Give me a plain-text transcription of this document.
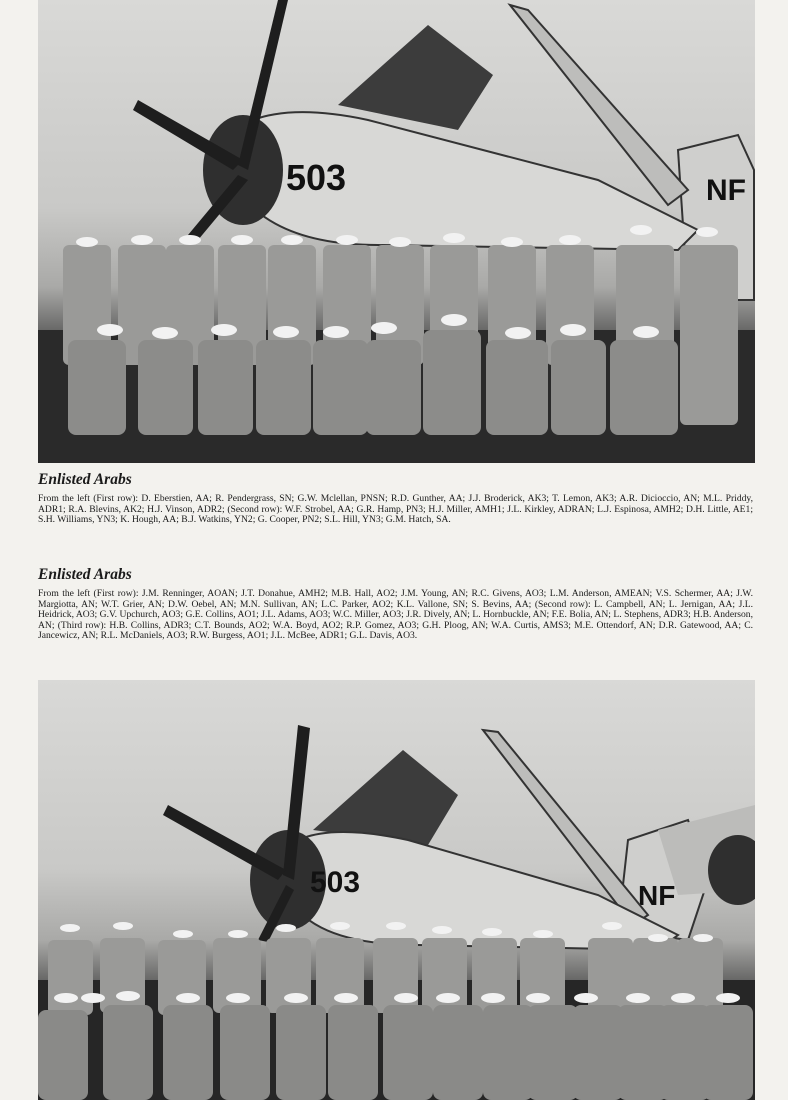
NF
503
Enlisted Arabs

From the left (First row): D. Eberstien, AA; R. Pendergrass, SN; G.W. Mclellan, PNSN; R.D. Gunther, AA; J.J. Broderick, AK3; T. Lemon, AK3; A.R. Dicioccio, AN; M.L. Priddy, ADR1; R.A. Blevins, AK2; H.J. Vinson, ADR2; (Second row): W.F. Strobel, AA; G.R. Hamp, PN3; H.J. Miller, AMH1; J.L. Kirkley, ADRAN; L.J. Espinosa, AMH2; D.H. Little, AE1; S.H. Williams, YN3; K. Hough, AA; B.J. Watkins, YN2; G. Cooper, PN2; S.L. Hill, YN3; G.M. Hatch, SA.

Enlisted Arabs

From the left (First row): J.M. Renninger, AOAN; J.T. Donahue, AMH2; M.B. Hall, AO2; J.M. Young, AN; R.C. Givens, AO3; L.M. Anderson, AMEAN; V.S. Schermer, AA; J.W. Margiotta, AN; W.T. Grier, AN; D.W. Oebel, AN; M.N. Sullivan, AN; L.C. Parker, AO2; K.L. Vallone, SN; S. Bevins, AA; (Second row): L. Campbell, AN; L. Jernigan, AA; J.L. Heidrick, AO3; G.V. Upchurch, AO3; G.E. Collins, AO1; J.L. Adams, AO3; W.C. Miller, AO3; J.R. Dively, AN; L. Hornbuckle, AN; F.E. Bolia, AN; L. Stephens, ADR3; H.B. Anderson, AN; (Third row): H.B. Collins, ADR3; C.T. Bounds, AO2; W.A. Boyd, AO2; R.P. Gomez, AO3; G.H. Ploog, AN; W.A. Curtis, AMS3; M.E. Ottendorf, AN; D.R. Gatewood, AA; C. Jancewicz, AN; R.L. McDaniels, AO3; R.W. Burgess, AO1; J.L. McBee, ADR1; G.L. Davis, AO3.

NF
503
